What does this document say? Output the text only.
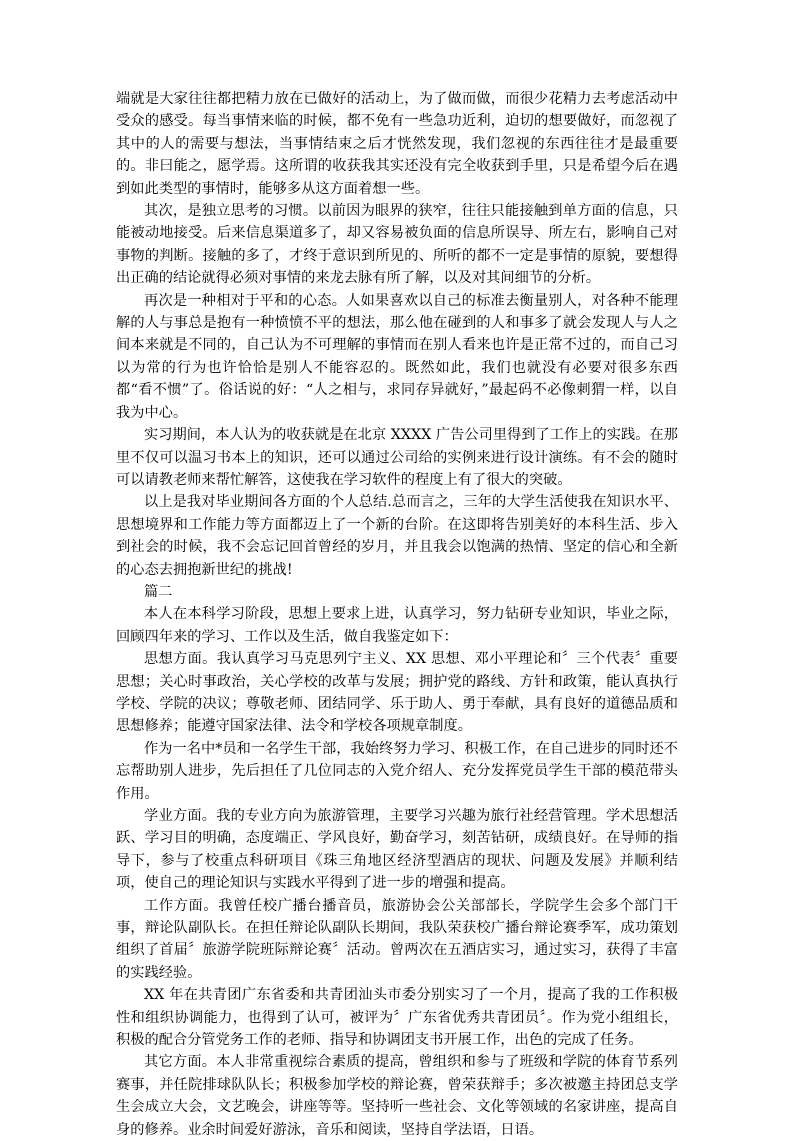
端就是大家往往都把精力放在已做好的活动上，为了做而做，而很少花精力去考虑活动中受众的感受。每当事情来临的时候，都不免有一些急功近利，迫切的想要做好，而忽视了其中的人的需要与想法，当事情结束之后才恍然发现，我们忽视的东西往往才是最重要的。非曰能之，愿学焉。这所谓的收获我其实还没有完全收获到手里，只是希望今后在遇到如此类型的事情时，能够多从这方面着想一些。

其次，是独立思考的习惯。以前因为眼界的狭窄，往往只能接触到单方面的信息，只能被动地接受。后来信息渠道多了，却又容易被负面的信息所误导、所左右，影响自己对事物的判断。接触的多了，才终于意识到所见的、所听的都不一定是事情的原貌，要想得出正确的结论就得必须对事情的来龙去脉有所了解，以及对其间细节的分析。

再次是一种相对于平和的心态。人如果喜欢以自己的标准去衡量别人，对各种不能理解的人与事总是抱有一种愤愤不平的想法，那么他在碰到的人和事多了就会发现人与人之间本来就是不同的，自己认为不可理解的事情而在别人看来也许是正常不过的，而自己习以为常的行为也许恰恰是别人不能容忍的。既然如此，我们也就没有必要对很多东西都“看不惯”了。俗话说的好：“人之相与，求同存异就好，”最起码不必像刺猬一样，以自我为中心。

实习期间，本人认为的收获就是在北京 XXXX 广告公司里得到了工作上的实践。在那里不仅可以温习书本上的知识，还可以通过公司给的实例来进行设计演练。有不会的随时可以请教老师来帮忙解答，这使我在学习软件的程度上有了很大的突破。

以上是我对毕业期间各方面的个人总结.总而言之，三年的大学生活使我在知识水平、思想境界和工作能力等方面都迈上了一个新的台阶。在这即将告别美好的本科生活、步入到社会的时候，我不会忘记回首曾经的岁月，并且我会以饱满的热情、坚定的信心和全新的心态去拥抱新世纪的挑战!

篇二

本人在本科学习阶段，思想上要求上进，认真学习，努力钻研专业知识，毕业之际，回顾四年来的学习、工作以及生活，做自我鉴定如下：

思想方面。我认真学习马克思列宁主义、XX 思想、邓小平理论和〞三个代表〞重要思想；关心时事政治，关心学校的改革与发展；拥护党的路线、方针和政策，能认真执行学校、学院的决议；尊敬老师、团结同学、乐于助人、勇于奉献，具有良好的道德品质和思想修养；能遵守国家法律、法令和学校各项规章制度。

作为一名中*员和一名学生干部，我始终努力学习、积极工作，在自己进步的同时还不忘帮助别人进步，先后担任了几位同志的入党介绍人、充分发挥党员学生干部的模范带头作用。

学业方面。我的专业方向为旅游管理，主要学习兴趣为旅行社经营管理。学术思想活跃、学习目的明确，态度端正、学风良好，勤奋学习，刻苦钻研，成绩良好。在导师的指导下，参与了校重点科研项目《珠三角地区经济型酒店的现状、问题及发展》并顺利结项，使自己的理论知识与实践水平得到了进一步的增强和提高。

工作方面。我曾任校广播台播音员，旅游协会公关部部长，学院学生会多个部门干事，辩论队副队长。在担任辩论队副队长期间，我队荣获校广播台辩论赛季军，成功策划组织了首届〞旅游学院班际辩论赛〞活动。曾两次在五酒店实习，通过实习，获得了丰富的实践经验。

XX 年在共青团广东省委和共青团汕头市委分别实习了一个月，提高了我的工作积极性和组织协调能力，也得到了认可，被评为〞广东省优秀共青团员〞。作为党小组组长，积极的配合分管党务工作的老师、指导和协调团支书开展工作，出色的完成了任务。

其它方面。本人非常重视综合素质的提高，曾组织和参与了班级和学院的体育节系列赛事，并任院排球队队长；积极参加学校的辩论赛，曾荣获辩手；多次被邀主持团总支学生会成立大会，文艺晚会，讲座等等。坚持听一些社会、文化等领域的名家讲座，提高自身的修养。业余时间爱好游泳，音乐和阅读，坚持自学法语，日语。
